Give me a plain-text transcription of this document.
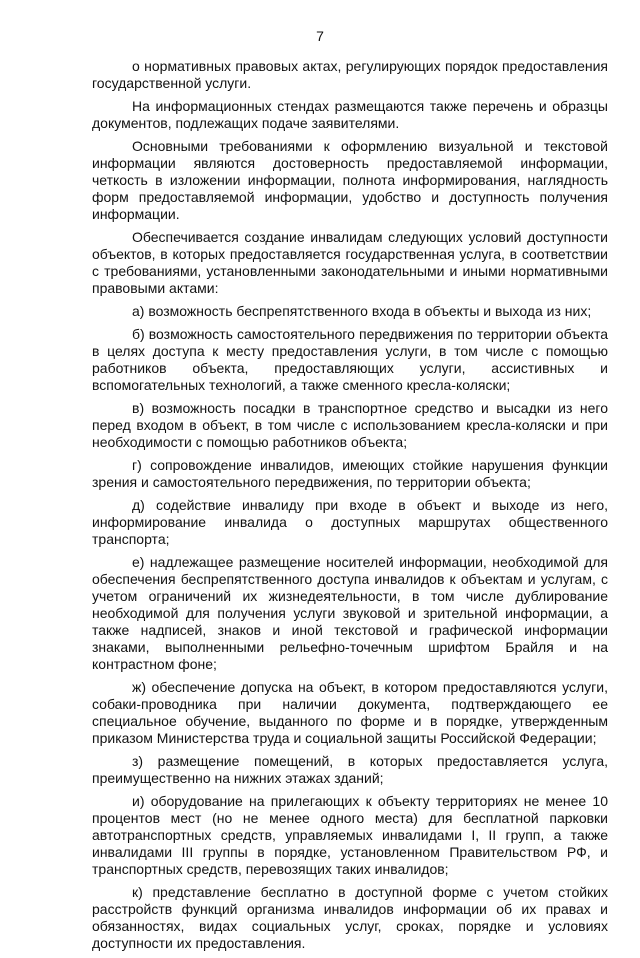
7

о нормативных правовых актах, регулирующих порядок предоставления государственной услуги.

На информационных стендах размещаются также перечень и образцы документов, подлежащих подаче заявителями.

Основными требованиями к оформлению визуальной и текстовой информации являются достоверность предоставляемой информации, четкость в изложении информации, полнота информирования, наглядность форм предоставляемой информации, удобство и доступность получения информации.

Обеспечивается создание инвалидам следующих условий доступности объектов, в которых предоставляется государственная услуга, в соответствии с требованиями, установленными законодательными и иными нормативными правовыми актами:

а) возможность беспрепятственного входа в объекты и выхода из них;

б) возможность самостоятельного передвижения по территории объекта в целях доступа к месту предоставления услуги, в том числе с помощью работников объекта, предоставляющих услуги, ассистивных и вспомогательных технологий, а также сменного кресла-коляски;

в) возможность посадки в транспортное средство и высадки из него перед входом в объект, в том числе с использованием кресла-коляски и при необходимости с помощью работников объекта;

г) сопровождение инвалидов, имеющих стойкие нарушения функции зрения и самостоятельного передвижения, по территории объекта;

д) содействие инвалиду при входе в объект и выходе из него, информирование инвалида о доступных маршрутах общественного транспорта;

е) надлежащее размещение носителей информации, необходимой для обеспечения беспрепятственного доступа инвалидов к объектам и услугам, с учетом ограничений их жизнедеятельности, в том числе дублирование необходимой для получения услуги звуковой и зрительной информации, а также надписей, знаков и иной текстовой и графической информации знаками, выполненными рельефно-точечным шрифтом Брайля и на контрастном фоне;

ж) обеспечение допуска на объект, в котором предоставляются услуги, собаки-проводника при наличии документа, подтверждающего ее специальное обучение, выданного по форме и в порядке, утвержденным приказом Министерства труда и социальной защиты Российской Федерации;

з) размещение помещений, в которых предоставляется услуга, преимущественно на нижних этажах зданий;

и) оборудование на прилегающих к объекту территориях не менее 10 процентов мест (но не менее одного места) для бесплатной парковки автотранспортных средств, управляемых инвалидами I, II групп, а также инвалидами III группы в порядке, установленном Правительством РФ, и транспортных средств, перевозящих таких инвалидов;

к) представление бесплатно в доступной форме с учетом стойких расстройств функций организма инвалидов информации об их правах и обязанностях, видах социальных услуг, сроках, порядке и условиях доступности их предоставления.
